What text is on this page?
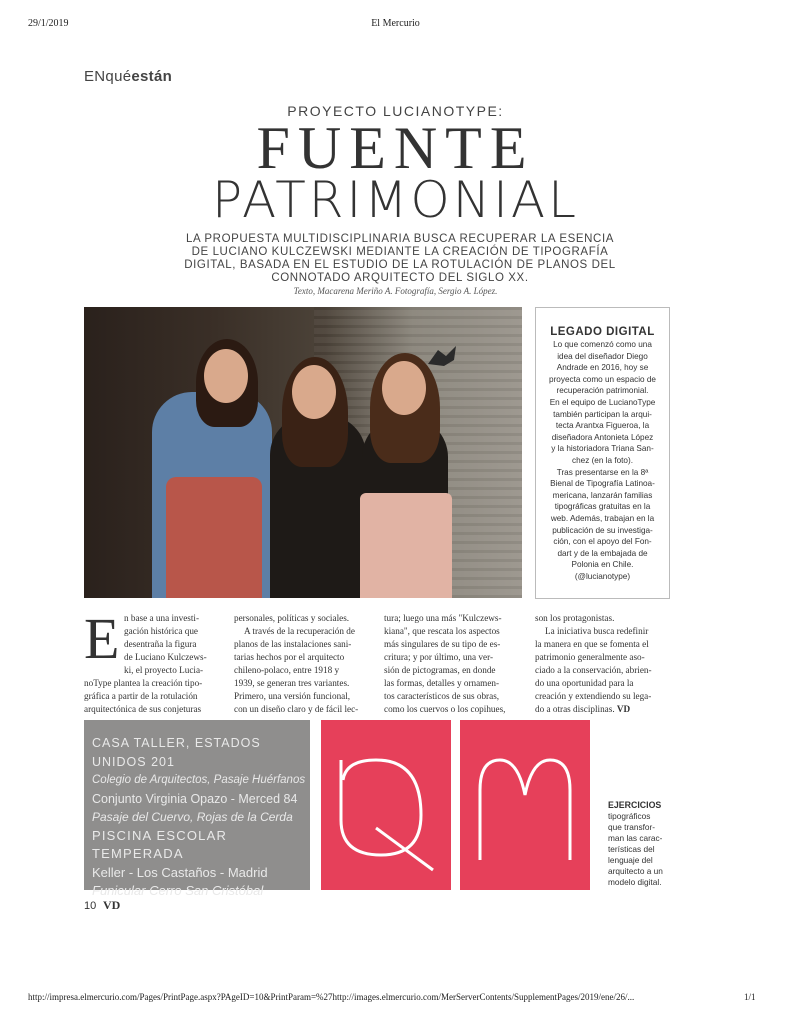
29/1/2019	El Mercurio
ENquéestán
PROYECTO LUCIANOTYPE:
FUENTE
PATRIMONIAL
LA PROPUESTA MULTIDISCIPLINARIA BUSCA RECUPERAR LA ESENCIA
DE LUCIANO KULCZEWSKI MEDIANTE LA CREACIÓN DE TIPOGRAFÍA
DIGITAL, BASADA EN EL ESTUDIO DE LA ROTULACIÓN DE PLANOS DEL
CONNOTADO ARQUITECTO DEL SIGLO XX.
Texto, Macarena Meriño A. Fotografía, Sergio A. López.
LEGADO DIGITAL
Lo que comenzó como una
idea del diseñador Diego
Andrade en 2016, hoy se
proyecta como un espacio de
recuperación patrimonial.
En el equipo de LucianoType
también participan la arqui-
tecta Arantxa Figueroa, la
diseñadora Antonieta López
y la historiadora Triana San-
chez (en la foto).
Tras presentarse en la 8ª
Bienal de Tipografía Latinoa-
mericana, lanzarán familias
tipográficas gratuitas en la
web. Además, trabajan en la
publicación de su investiga-
ción, con el apoyo del Fon-
dart y de la embajada de
Polonia en Chile.
(@lucianotype)
E n base a una investi-
gación histórica que
desentraña la figura
de Luciano Kulczews-
ki, el proyecto Lucia-
noType plantea la creación tipo-
gráfica a partir de la rotulación
arquitectónica de sus conjeturas
personales, políticas y sociales.
A través de la recuperación de
planos de las instalaciones sani-
tarias hechos por el arquitecto
chileno-polaco, entre 1918 y
1939, se generan tres variantes.
Primero, una versión funcional,
con un diseño claro y de fácil lec-
tura; luego una más "Kulczews-
kiana", que rescata los aspectos
más singulares de su tipo de es-
critura; y por último, una ver-
sión de pictogramas, en donde
las formas, detalles y ornamen-
tos característicos de sus obras,
como los cuervos o los copihues,
son los protagonistas.
La iniciativa busca redefinir
la manera en que se fomenta el
patrimonio generalmente aso-
ciado a la conservación, abrien-
do una oportunidad para la
creación y extendiendo su lega-
do a otras disciplinas. VD
CASA TALLER, ESTADOS UNIDOS 201
Colegio de Arquitectos, Pasaje Huérfanos
Conjunto Virginia Opazo - Merced 84
Pasaje del Cuervo, Rojas de la Cerda
PISCINA ESCOLAR TEMPERADA
Keller - Los Castaños - Madrid
Funicular Cerro San Cristóbal
EJERCICIOS
tipográficos
que transfor-
man las carac-
terísticas del
lenguaje del
arquitecto a un
modelo digital.
10 VD
http://impresa.elmercurio.com/Pages/PrintPage.aspx?PAgeID=10&PrintParam=%27http://images.elmercurio.com/MerServerContents/SupplementPages/2019/ene/26/...	1/1
